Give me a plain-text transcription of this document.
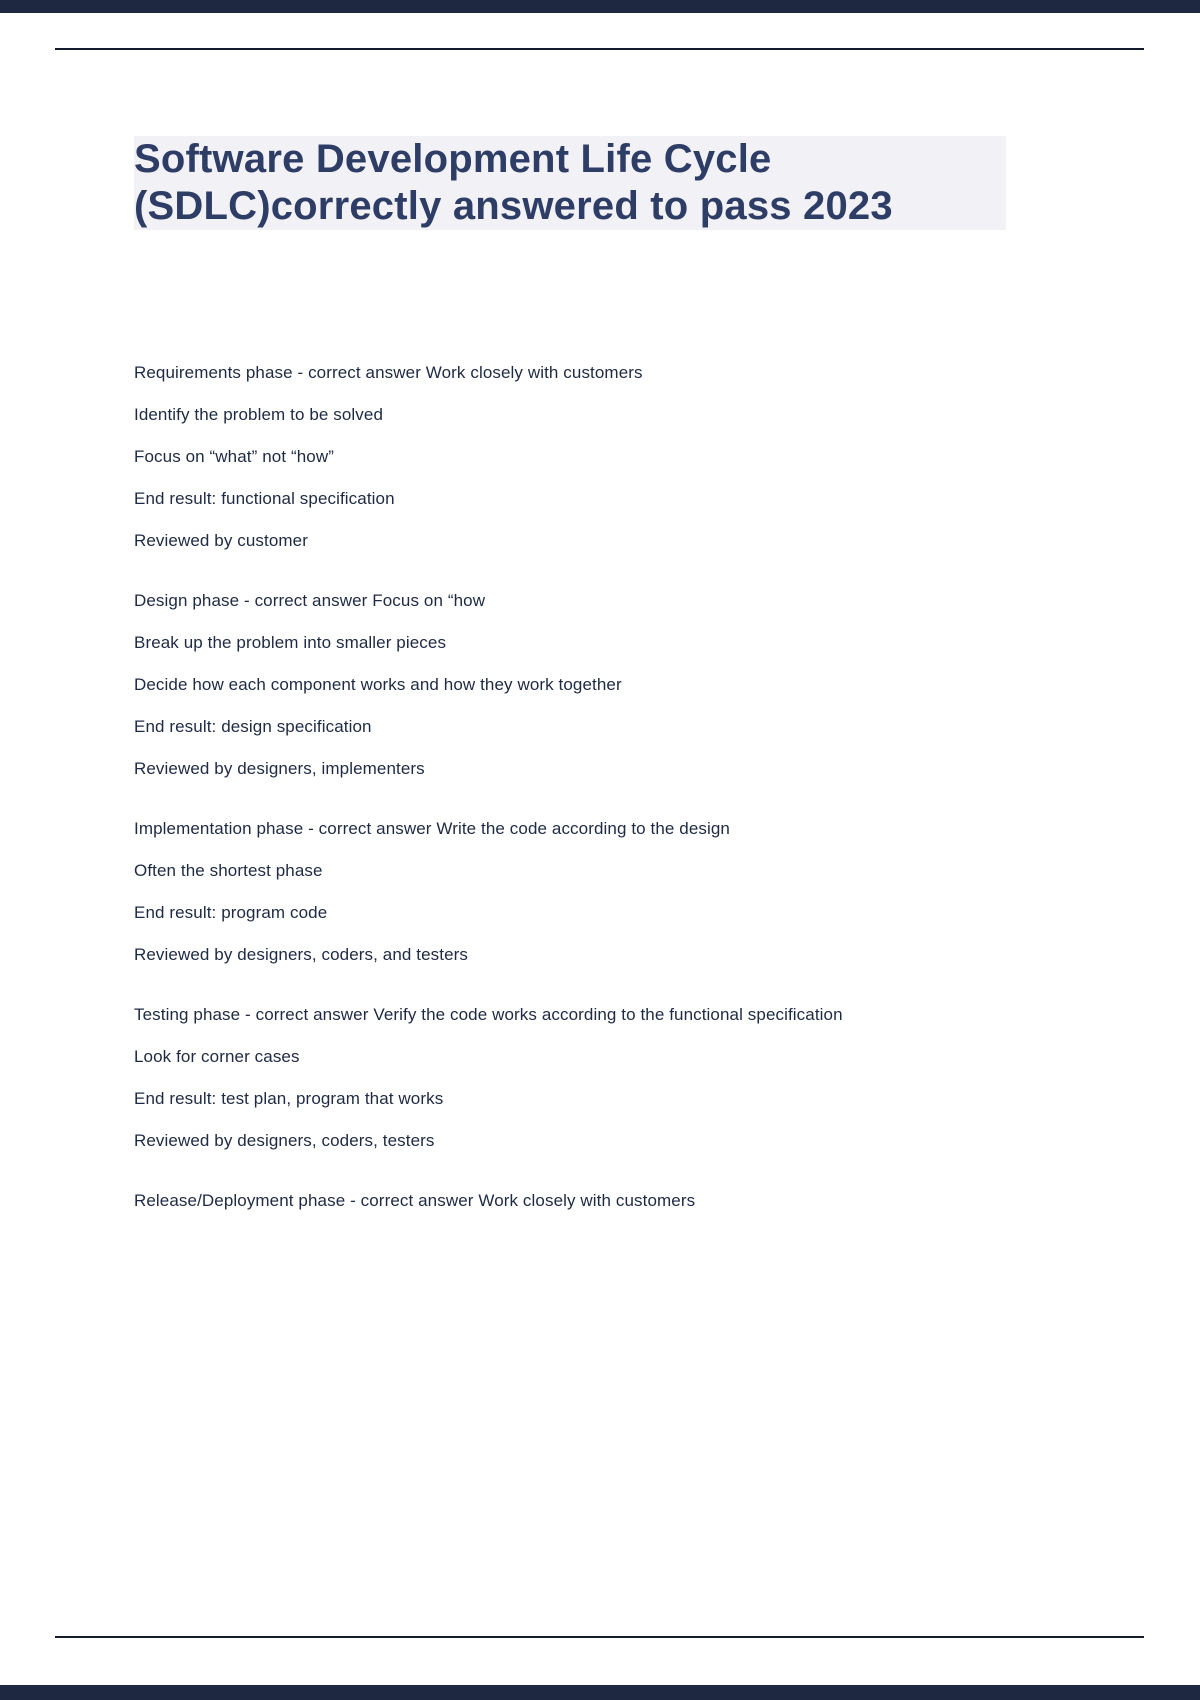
Software Development Life Cycle
(SDLC)correctly answered to pass 2023

Requirements phase - correct answer Work closely with customers

Identify the problem to be solved

Focus on “what” not “how”

End result: functional specification

Reviewed by customer

Design phase - correct answer Focus on “how

Break up the problem into smaller pieces

Decide how each component works and how they work together

End result: design specification

Reviewed by designers, implementers

Implementation phase - correct answer Write the code according to the design

Often the shortest phase

End result: program code

Reviewed by designers, coders, and testers

Testing phase - correct answer Verify the code works according to the functional specification

Look for corner cases

End result: test plan, program that works

Reviewed by designers, coders, testers

Release/Deployment phase - correct answer Work closely with customers
